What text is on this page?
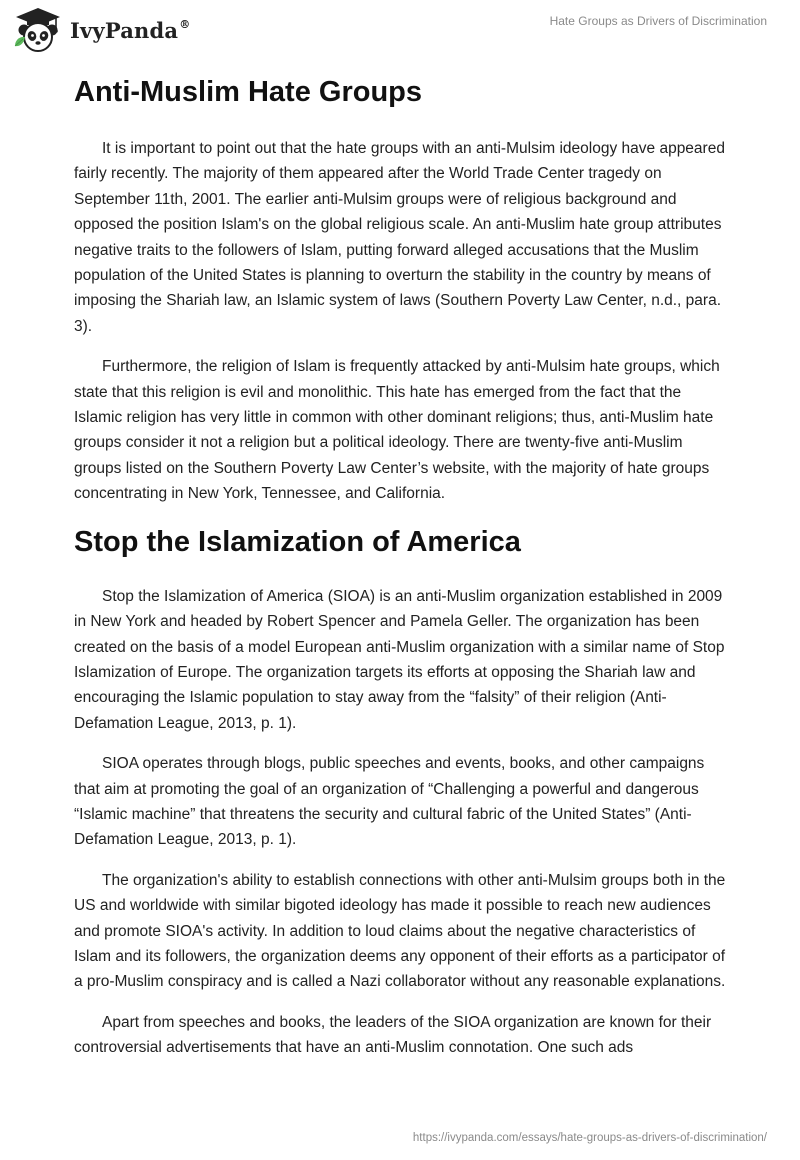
IvyPanda®	Hate Groups as Drivers of Discrimination
Anti-Muslim Hate Groups

It is important to point out that the hate groups with an anti-Mulsim ideology have appeared fairly recently. The majority of them appeared after the World Trade Center tragedy on September 11th, 2001. The earlier anti-Mulsim groups were of religious background and opposed the position Islam's on the global religious scale. An anti-Muslim hate group attributes negative traits to the followers of Islam, putting forward alleged accusations that the Muslim population of the United States is planning to overturn the stability in the country by means of imposing the Shariah law, an Islamic system of laws (Southern Poverty Law Center, n.d., para. 3).

Furthermore, the religion of Islam is frequently attacked by anti-Mulsim hate groups, which state that this religion is evil and monolithic. This hate has emerged from the fact that the Islamic religion has very little in common with other dominant religions; thus, anti-Muslim hate groups consider it not a religion but a political ideology. There are twenty-five anti-Muslim groups listed on the Southern Poverty Law Center’s website, with the majority of hate groups concentrating in New York, Tennessee, and California.

Stop the Islamization of America

Stop the Islamization of America (SIOA) is an anti-Muslim organization established in 2009 in New York and headed by Robert Spencer and Pamela Geller. The organization has been created on the basis of a model European anti-Muslim organization with a similar name of Stop Islamization of Europe. The organization targets its efforts at opposing the Shariah law and encouraging the Islamic population to stay away from the “falsity” of their religion (Anti-Defamation League, 2013, p. 1).

SIOA operates through blogs, public speeches and events, books, and other campaigns that aim at promoting the goal of an organization of “Challenging a powerful and dangerous “Islamic machine” that threatens the security and cultural fabric of the United States” (Anti-Defamation League, 2013, p. 1).

The organization's ability to establish connections with other anti-Mulsim groups both in the US and worldwide with similar bigoted ideology has made it possible to reach new audiences and promote SIOA's activity. In addition to loud claims about the negative characteristics of Islam and its followers, the organization deems any opponent of their efforts as a participator of a pro-Muslim conspiracy and is called a Nazi collaborator without any reasonable explanations.

Apart from speeches and books, the leaders of the SIOA organization are known for their controversial advertisements that have an anti-Muslim connotation. One such ads

https://ivypanda.com/essays/hate-groups-as-drivers-of-discrimination/
